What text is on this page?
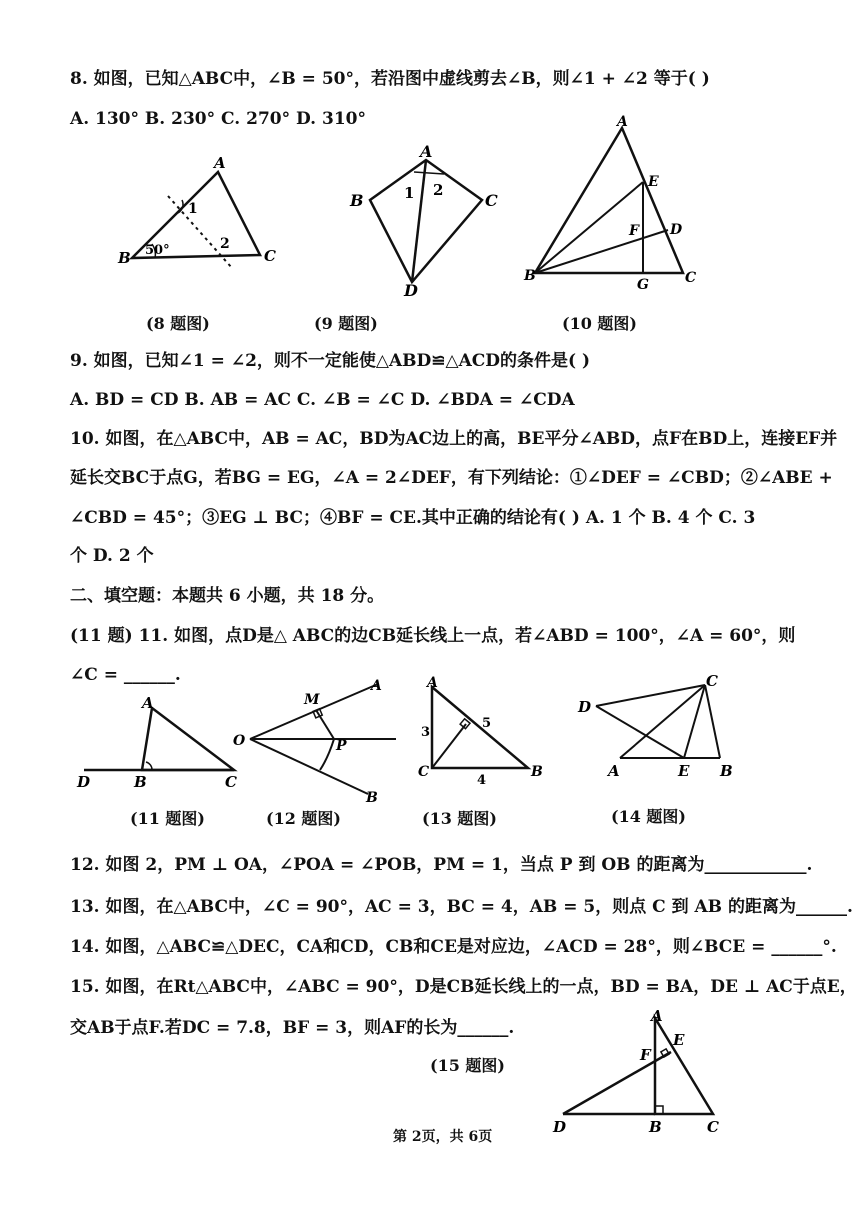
8. 如图，已知△ABC中，∠B = 50°，若沿图中虚线剪去∠B，则∠1 + ∠2 等于( )
A. 130° B. 230° C. 270° D. 310°
A
B	C
50°
1
2
(8 题图)
A
B	C
D
1 2
(9 题图)
A
B	C
D
E
F
G
(10 题图)
9. 如图，已知∠1 = ∠2，则不一定能使△ABD≌△ACD的条件是( )
A. BD = CD B. AB = AC C. ∠B = ∠C D. ∠BDA = ∠CDA
10. 如图，在△ABC中，AB = AC，BD为AC边上的高，BE平分∠ABD，点F在BD上，连接EF并
延长交BC于点G，若BG = EG，∠A = 2∠DEF，有下列结论：①∠DEF = ∠CBD；②∠ABE +
∠CBD = 45°；③EG ⊥ BC；④BF = CE.其中正确的结论有( ) A. 1 个 B. 4 个 C. 3
个 D. 2 个
二、填空题：本题共 6 小题，共 18 分。
(11 题) 11. 如图，点D是△ ABC的边CB延长线上一点，若∠ABD = 100°，∠A = 60°，则
∠C = ______.
A
B	C
D
(11 题图)
M
A
O	P
B
(12 题图)
A
C	B
3
4
5
(13 题图)
C
D
A	E B
(14 题图)
12. 如图 2，PM ⊥ OA，∠POA = ∠POB，PM = 1，当点 P 到 OB 的距离为____________.
13. 如图，在△ABC中，∠C = 90°，AC = 3，BC = 4，AB = 5，则点 C 到 AB 的距离为______.
14. 如图，△ABC≌△DEC，CA和CD，CB和CE是对应边，∠ACD = 28°，则∠BCE = ______°.
15. 如图，在Rt△ABC中，∠ABC = 90°，D是CB延长线上的一点，BD = BA，DE ⊥ AC于点E，
交AB于点F.若DC = 7.8，BF = 3，则AF的长为______.
(15 题图)
A
E
F
D	B	C
第 2页，共 6页
